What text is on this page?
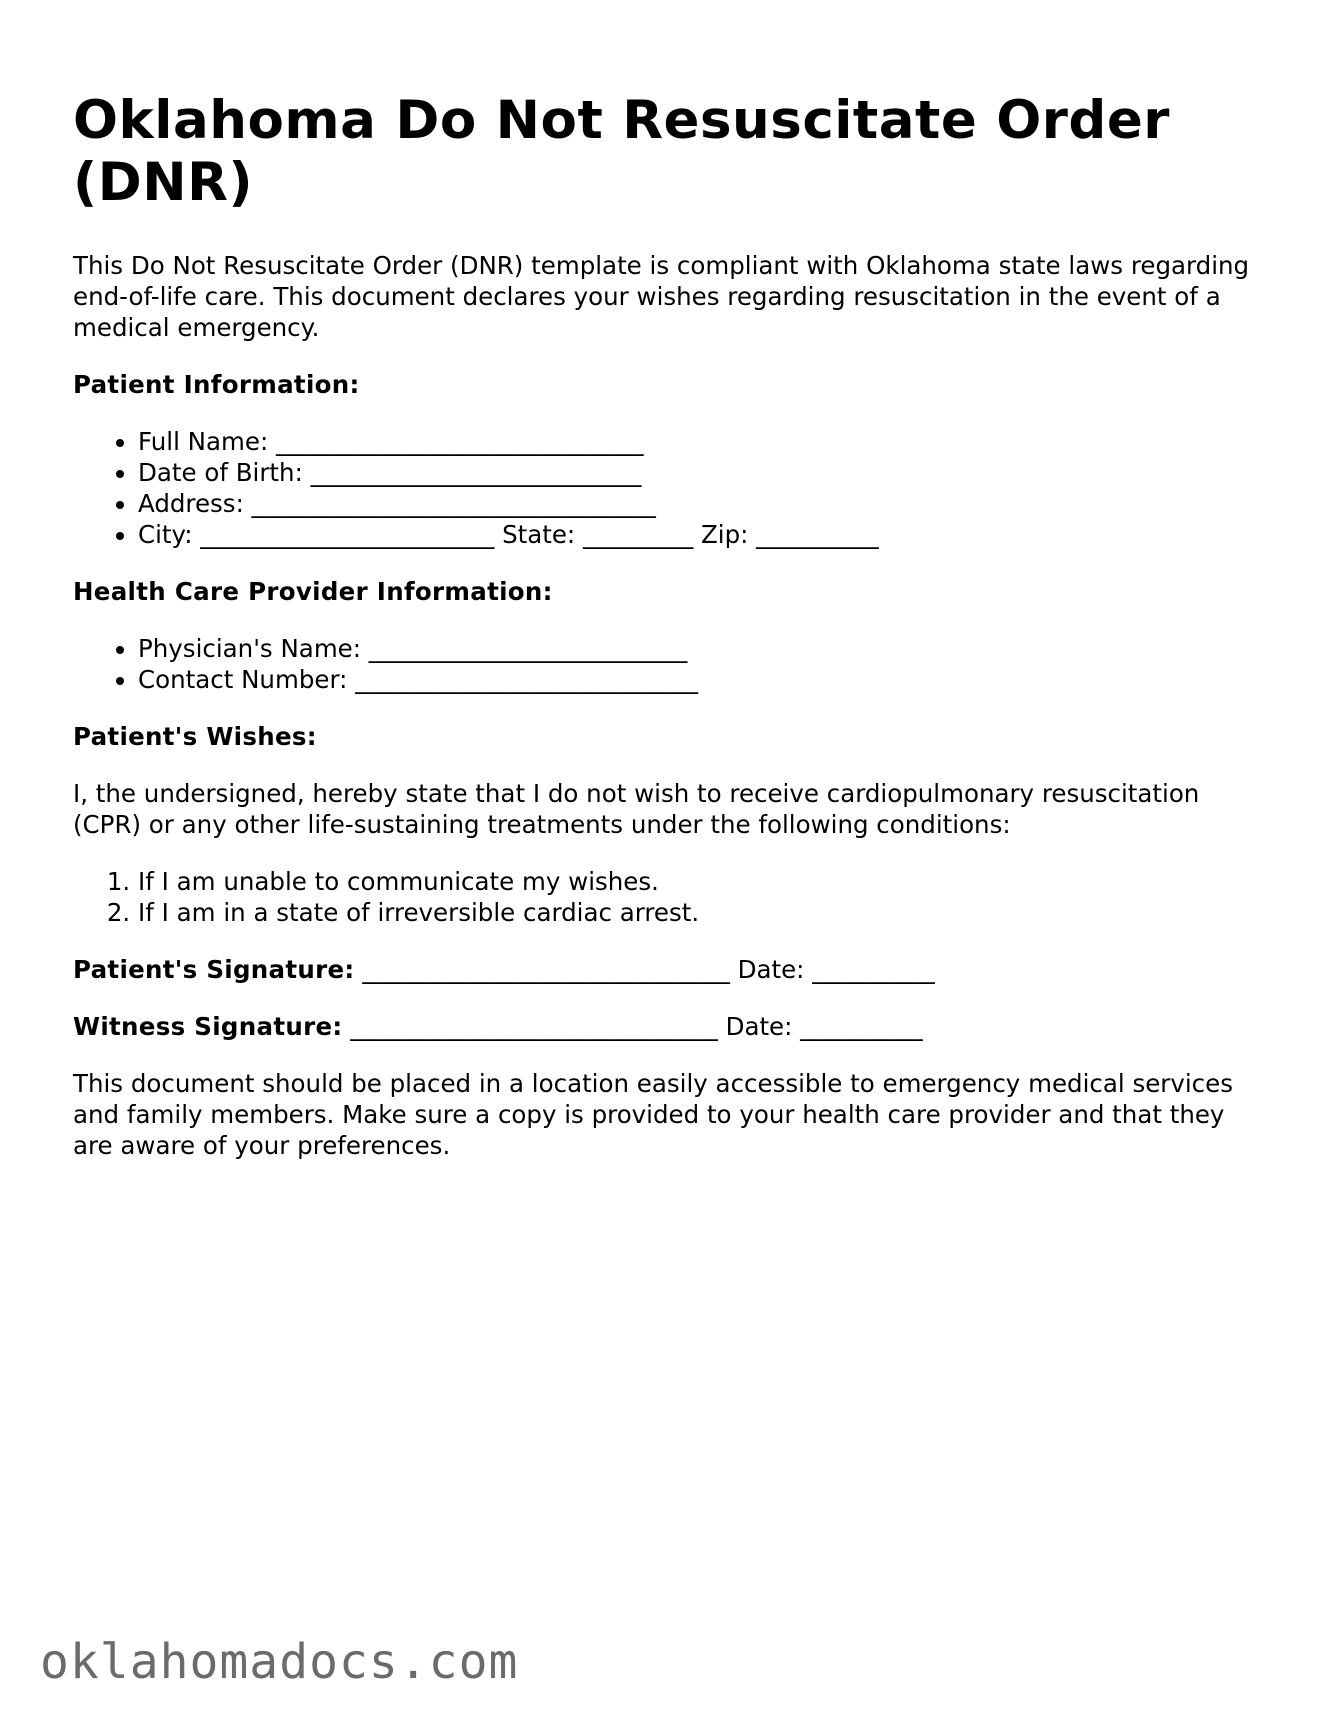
Oklahoma Do Not Resuscitate Order (DNR)

This Do Not Resuscitate Order (DNR) template is compliant with Oklahoma state laws regarding end-of-life care. This document declares your wishes regarding resuscitation in the event of a medical emergency.

Patient Information:
• Full Name: ______________________________
• Date of Birth: ___________________________
• Address: _________________________________
• City: ________________________ State: _________ Zip: __________
Health Care Provider Information:
• Physician's Name: __________________________
• Contact Number: ____________________________
Patient's Wishes:

I, the undersigned, hereby state that I do not wish to receive cardiopulmonary resuscitation (CPR) or any other life-sustaining treatments under the following conditions:

1. If I am unable to communicate my wishes.
2. If I am in a state of irreversible cardiac arrest.
Patient's Signature: ______________________________ Date: __________
Witness Signature: ______________________________ Date: __________

This document should be placed in a location easily accessible to emergency medical services and family members. Make sure a copy is provided to your health care provider and that they are aware of your preferences.

oklahomadocs.com
